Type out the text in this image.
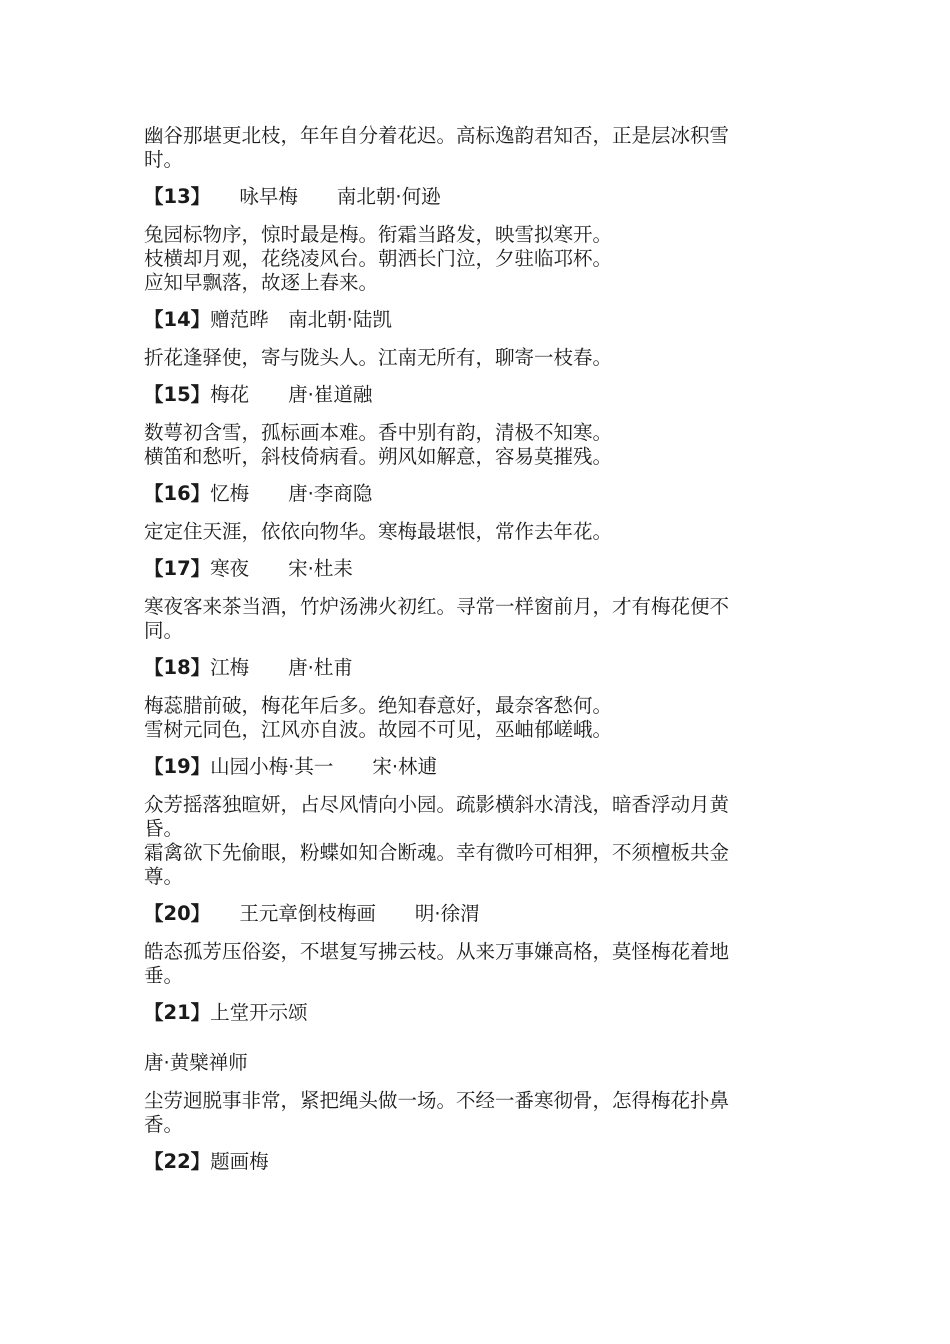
幽谷那堪更北枝，年年自分着花迟。高标逸韵君知否，正是层冰积雪

时。

【13】　　咏早梅　　南北朝·何逊

兔园标物序，惊时最是梅。衔霜当路发，映雪拟寒开。

枝横却月观，花绕凌风台。朝洒长门泣，夕驻临邛杯。

应知早飘落，故逐上春来。

【14】赠范晔　南北朝·陆凯

折花逢驿使，寄与陇头人。江南无所有，聊寄一枝春。

【15】梅花　　唐·崔道融

数萼初含雪，孤标画本难。香中别有韵，清极不知寒。

横笛和愁听，斜枝倚病看。朔风如解意，容易莫摧残。

【16】忆梅　　唐·李商隐

定定住天涯，依依向物华。寒梅最堪恨，常作去年花。

【17】寒夜　　宋·杜耒

寒夜客来茶当酒，竹炉汤沸火初红。寻常一样窗前月，才有梅花便不

同。

【18】江梅　　唐·杜甫

梅蕊腊前破，梅花年后多。绝知春意好，最奈客愁何。

雪树元同色，江风亦自波。故园不可见，巫岫郁嵯峨。

【19】山园小梅·其一　　宋·林逋

众芳摇落独暄妍，占尽风情向小园。疏影横斜水清浅，暗香浮动月黄

昏。

霜禽欲下先偷眼，粉蝶如知合断魂。幸有微吟可相狎，不须檀板共金

尊。

【20】　　王元章倒枝梅画　　明·徐渭

皓态孤芳压俗姿，不堪复写拂云枝。从来万事嫌高格，莫怪梅花着地

垂。

【21】上堂开示颂
唐·黄檗禅师

尘劳迥脱事非常，紧把绳头做一场。不经一番寒彻骨，怎得梅花扑鼻

香。

【22】题画梅
